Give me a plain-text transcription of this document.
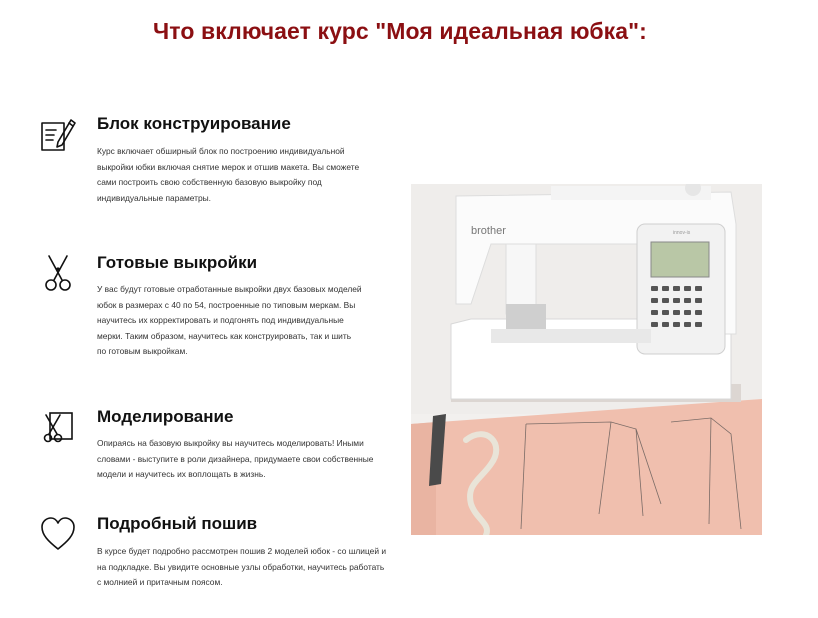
Что включает курс "Моя идеальная юбка":
Блок конструирование

Курс включает обширный блок по построению индивидуальной выкройки юбки включая снятие мерок и отшив макета. Вы сможете сами построить свою собственную базовую выкройку под индивидуальные параметры.

Готовые выкройки

У вас будут готовые отработанные выкройки двух базовых моделей юбок в размерах с 40 по 54, построенные по типовым меркам. Вы научитесь их корректировать и подгонять под индивидуальные мерки. Таким образом, научитесь как конструировать, так и шить по готовым выкройкам.

Моделирование

Опираясь на базовую выкройку вы научитесь моделировать! Иными словами - выступите в роли дизайнера, придумаете свои собственные модели и научитесь их воплощать в жизнь.

Подробный пошив

В курсе будет подробно рассмотрен пошив 2 моделей юбок - со шлицей и на подкладке. Вы увидите основные узлы обработки, научитесь работать с молнией и притачным поясом.

brother	innov-is
